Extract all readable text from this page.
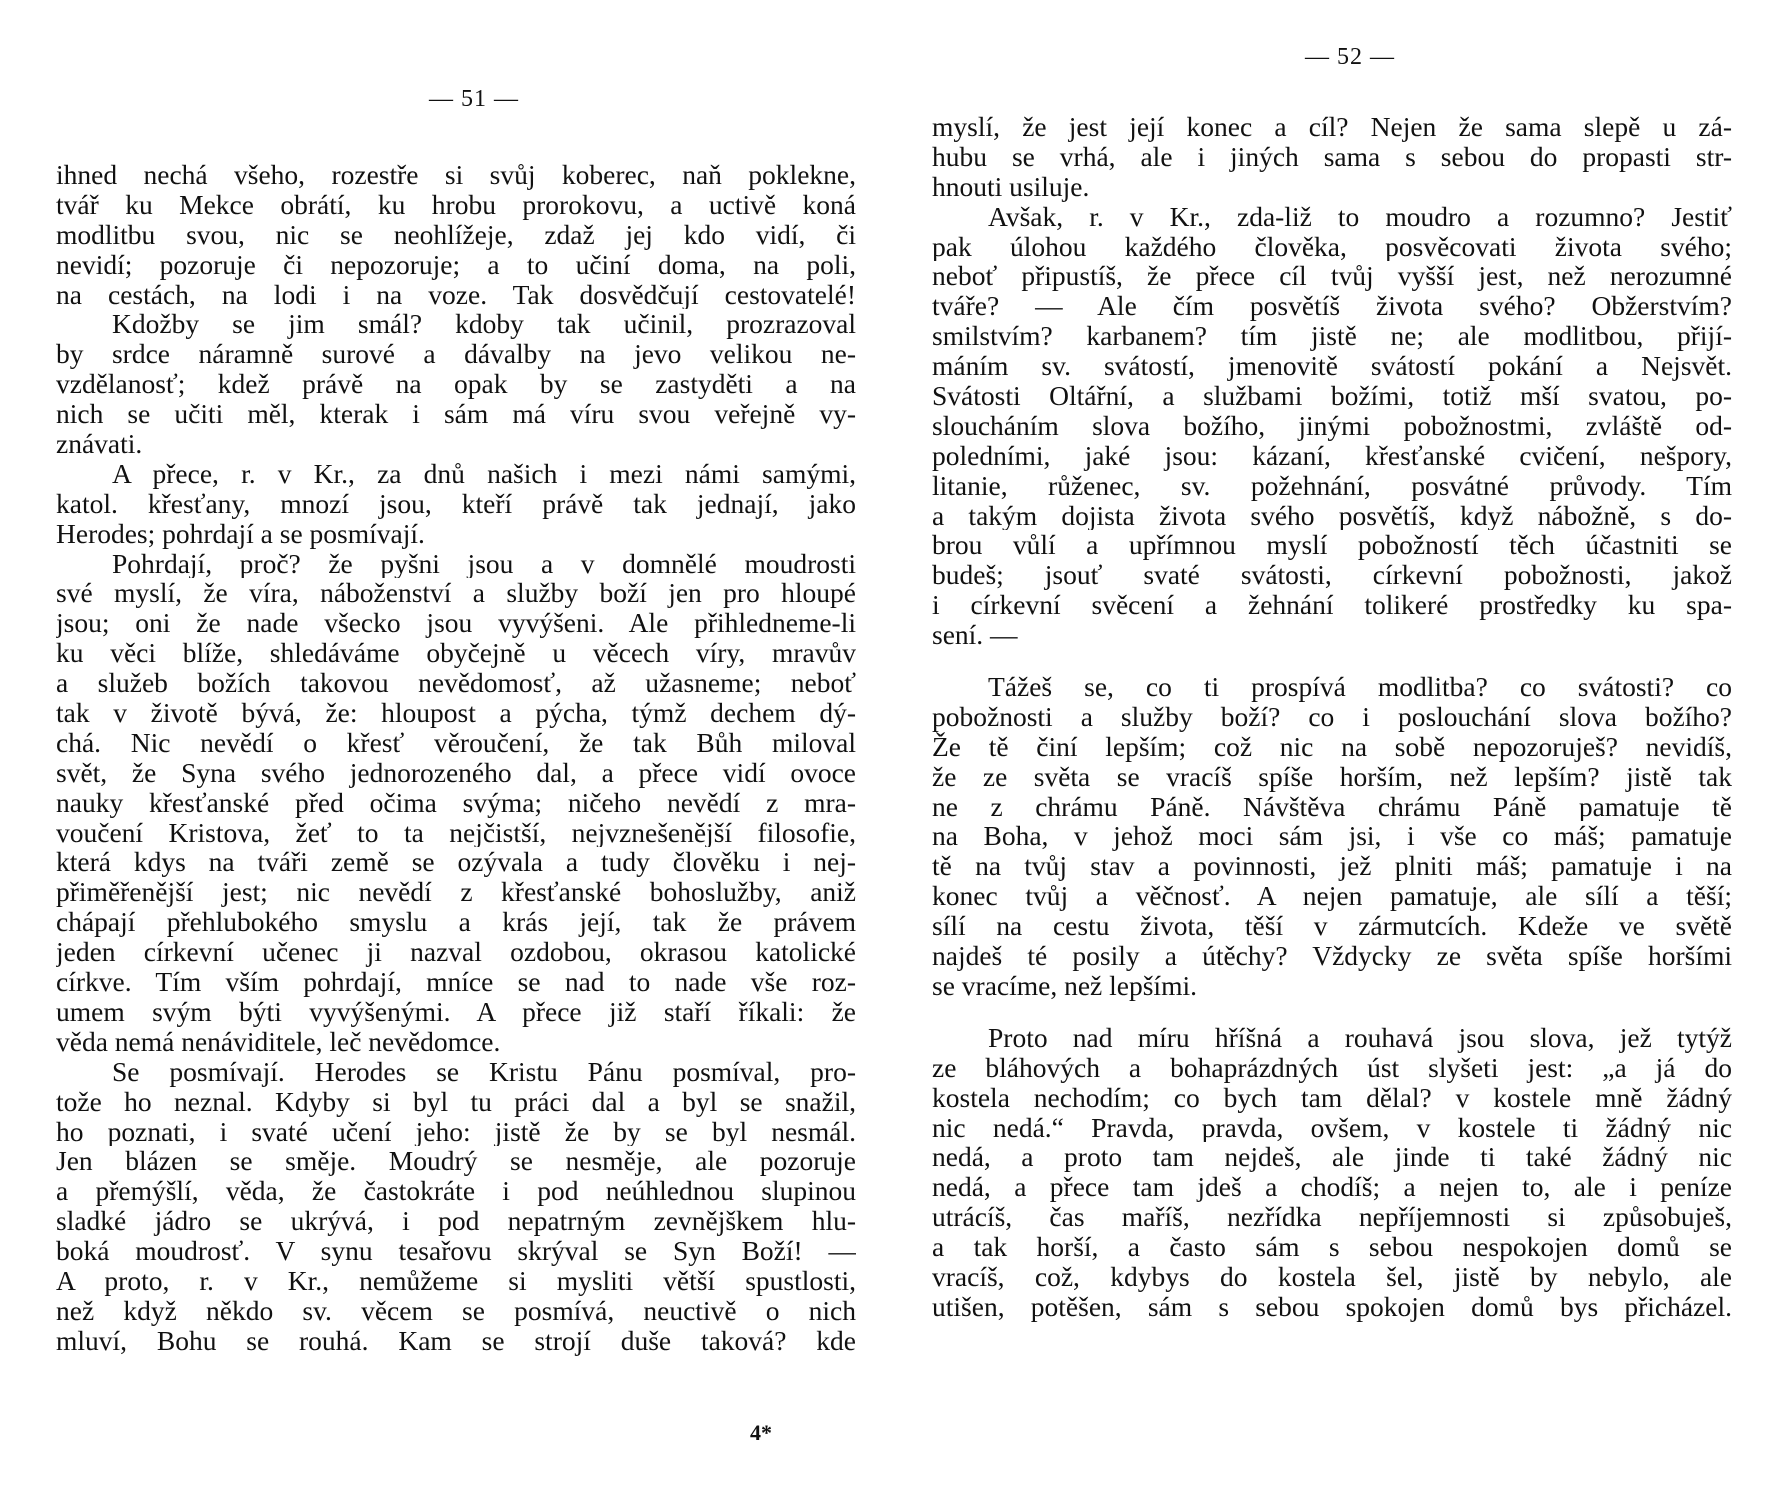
— 51 —
ihned nechá všeho, rozestře si svůj koberec, naň poklekne,
tvář ku Mekce obrátí, ku hrobu prorokovu, a uctivě koná
modlitbu svou, nic se neohlížeje, zdaž jej kdo vidí, či
nevidí; pozoruje či nepozoruje; a to učiní doma, na poli,
na cestách, na lodi i na voze. Tak dosvědčují cestovatelé!
Kdožby se jim smál? kdoby tak učinil, prozrazoval
by srdce náramně surové a dávalby na jevo velikou ne-
vzdělanosť; kdež právě na opak by se zastyděti a na
nich se učiti měl, kterak i sám má víru svou veřejně vy-
znávati.
A přece, r. v Kr., za dnů našich i mezi námi samými,
katol. křesťany, mnozí jsou, kteří právě tak jednají, jako
Herodes; pohrdají a se posmívají.
Pohrdají, proč? že pyšni jsou a v domnělé moudrosti
své myslí, že víra, náboženství a služby boží jen pro hloupé
jsou; oni že nade všecko jsou vyvýšeni. Ale přihledneme-li
ku věci blíže, shledáváme obyčejně u věcech víry, mravův
a služeb božích takovou nevědomosť, až užasneme; neboť
tak v životě bývá, že: hloupost a pýcha, týmž dechem dý-
chá. Nic nevědí o křesť věroučení, že tak Bůh miloval
svět, že Syna svého jednorozeného dal, a přece vidí ovoce
nauky křesťanské před očima svýma; ničeho nevědí z mra-
voučení Kristova, žeť to ta nejčistší, nejvznešenější filosofie,
která kdys na tváři země se ozývala a tudy člověku i nej-
přiměřenější jest; nic nevědí z křesťanské bohoslužby, aniž
chápají přehlubokého smyslu a krás její, tak že právem
jeden církevní učenec ji nazval ozdobou, okrasou katolické
církve. Tím vším pohrdají, mníce se nad to nade vše roz-
umem svým býti vyvýšenými. A přece již staří říkali: že
věda nemá nenáviditele, leč nevědomce.
Se posmívají. Herodes se Kristu Pánu posmíval, pro-
tože ho neznal. Kdyby si byl tu práci dal a byl se snažil,
ho poznati, i svaté učení jeho: jistě že by se byl nesmál.
Jen blázen se směje. Moudrý se nesměje, ale pozoruje
a přemýšlí, věda, že častokráte i pod neúhlednou slupinou
sladké jádro se ukrývá, i pod nepatrným zevnějškem hlu-
boká moudrosť. V synu tesařovu skrýval se Syn Boží! —
A proto, r. v Kr., nemůžeme si mysliti větší spustlosti,
než když někdo sv. věcem se posmívá, neuctivě o nich
mluví, Bohu se rouhá. Kam se strojí duše taková? kde
4*
— 52 —
myslí, že jest její konec a cíl? Nejen že sama slepě u zá-
hubu se vrhá, ale i jiných sama s sebou do propasti str-
hnouti usiluje.
Avšak, r. v Kr., zda-liž to moudro a rozumno? Jestiť
pak úlohou každého člověka, posvěcovati života svého;
neboť připustíš, že přece cíl tvůj vyšší jest, než nerozumné
tváře? — Ale čím posvětíš života svého? Obžerstvím?
smilstvím? karbanem? tím jistě ne; ale modlitbou, přijí-
máním sv. svátostí, jmenovitě svátostí pokání a Nejsvět.
Svátosti Oltářní, a službami božími, totiž mší svatou, po-
sloucháním slova božího, jinými pobožnostmi, zvláště od-
poledními, jaké jsou: kázaní, křesťanské cvičení, nešpory,
litanie, růženec, sv. požehnání, posvátné průvody. Tím
a takým dojista života svého posvětíš, když nábožně, s do-
brou vůlí a upřímnou myslí pobožností těch účastniti se
budeš; jsouť svaté svátosti, církevní pobožnosti, jakož
i církevní svěcení a žehnání tolikeré prostředky ku spa-
sení. —
Tážeš se, co ti prospívá modlitba? co svátosti? co
pobožnosti a služby boží? co i poslouchání slova božího?
Že tě činí lepším; což nic na sobě nepozoruješ? nevidíš,
že ze světa se vracíš spíše horším, než lepším? jistě tak
ne z chrámu Páně. Návštěva chrámu Páně pamatuje tě
na Boha, v jehož moci sám jsi, i vše co máš; pamatuje
tě na tvůj stav a povinnosti, jež plniti máš; pamatuje i na
konec tvůj a věčnosť. A nejen pamatuje, ale sílí a těší;
sílí na cestu života, těší v zármutcích. Kdeže ve světě
najdeš té posily a útěchy? Vždycky ze světa spíše horšími
se vracíme, než lepšími.
Proto nad míru hříšná a rouhavá jsou slova, jež tytýž
ze bláhových a bohaprázdných úst slyšeti jest: „a já do
kostela nechodím; co bych tam dělal? v kostele mně žádný
nic nedá.“ Pravda, pravda, ovšem, v kostele ti žádný nic
nedá, a proto tam nejdeš, ale jinde ti také žádný nic
nedá, a přece tam jdeš a chodíš; a nejen to, ale i peníze
utrácíš, čas maříš, nezřídka nepříjemnosti si způsobuješ,
a tak horší, a často sám s sebou nespokojen domů se
vracíš, což, kdybys do kostela šel, jistě by nebylo, ale
utišen, potěšen, sám s sebou spokojen domů bys přicházel.
